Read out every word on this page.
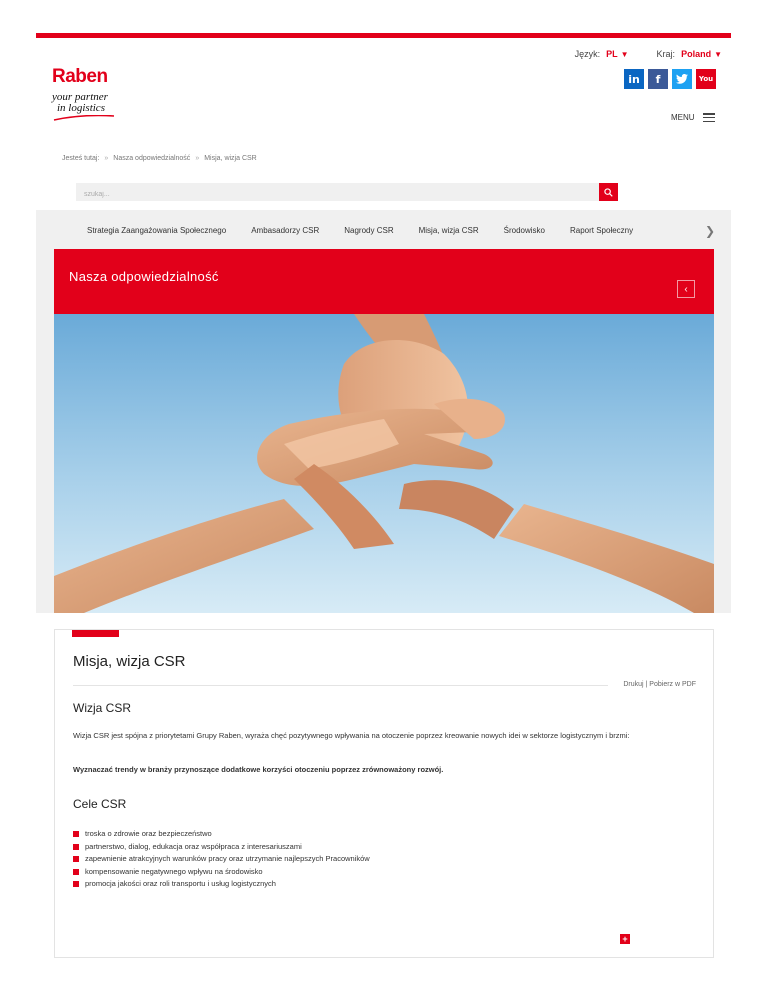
Język: PL ▼	Kraj: Poland ▼
Raben
your partner
in logistics
in	f	You
MENU
Jesteś tutaj: » Nasza odpowiedzialność » Misja, wizja CSR
szukaj...
Strategia Zaangażowania Społecznego	Ambasadorzy CSR	Nagrody CSR	Misja, wizja CSR	Środowisko	Raport Społeczny	❯
Nasza odpowiedzialność
‹
Misja, wizja CSR
Drukuj | Pobierz w PDF
Wizja CSR

Wizja CSR jest spójna z priorytetami Grupy Raben, wyraża chęć pozytywnego wpływania na otoczenie poprzez kreowanie nowych idei w sektorze logistycznym i brzmi:

Wyznaczać trendy w branży przynoszące dodatkowe korzyści otoczeniu poprzez zrównoważony rozwój.

Cele CSR
troska o zdrowie oraz bezpieczeństwo
partnerstwo, dialog, edukacja oraz współpraca z interesariuszami
zapewnienie atrakcyjnych warunków pracy oraz utrzymanie najlepszych Pracowników
kompensowanie negatywnego wpływu na środowisko
promocja jakości oraz roli transportu i usług logistycznych
+
